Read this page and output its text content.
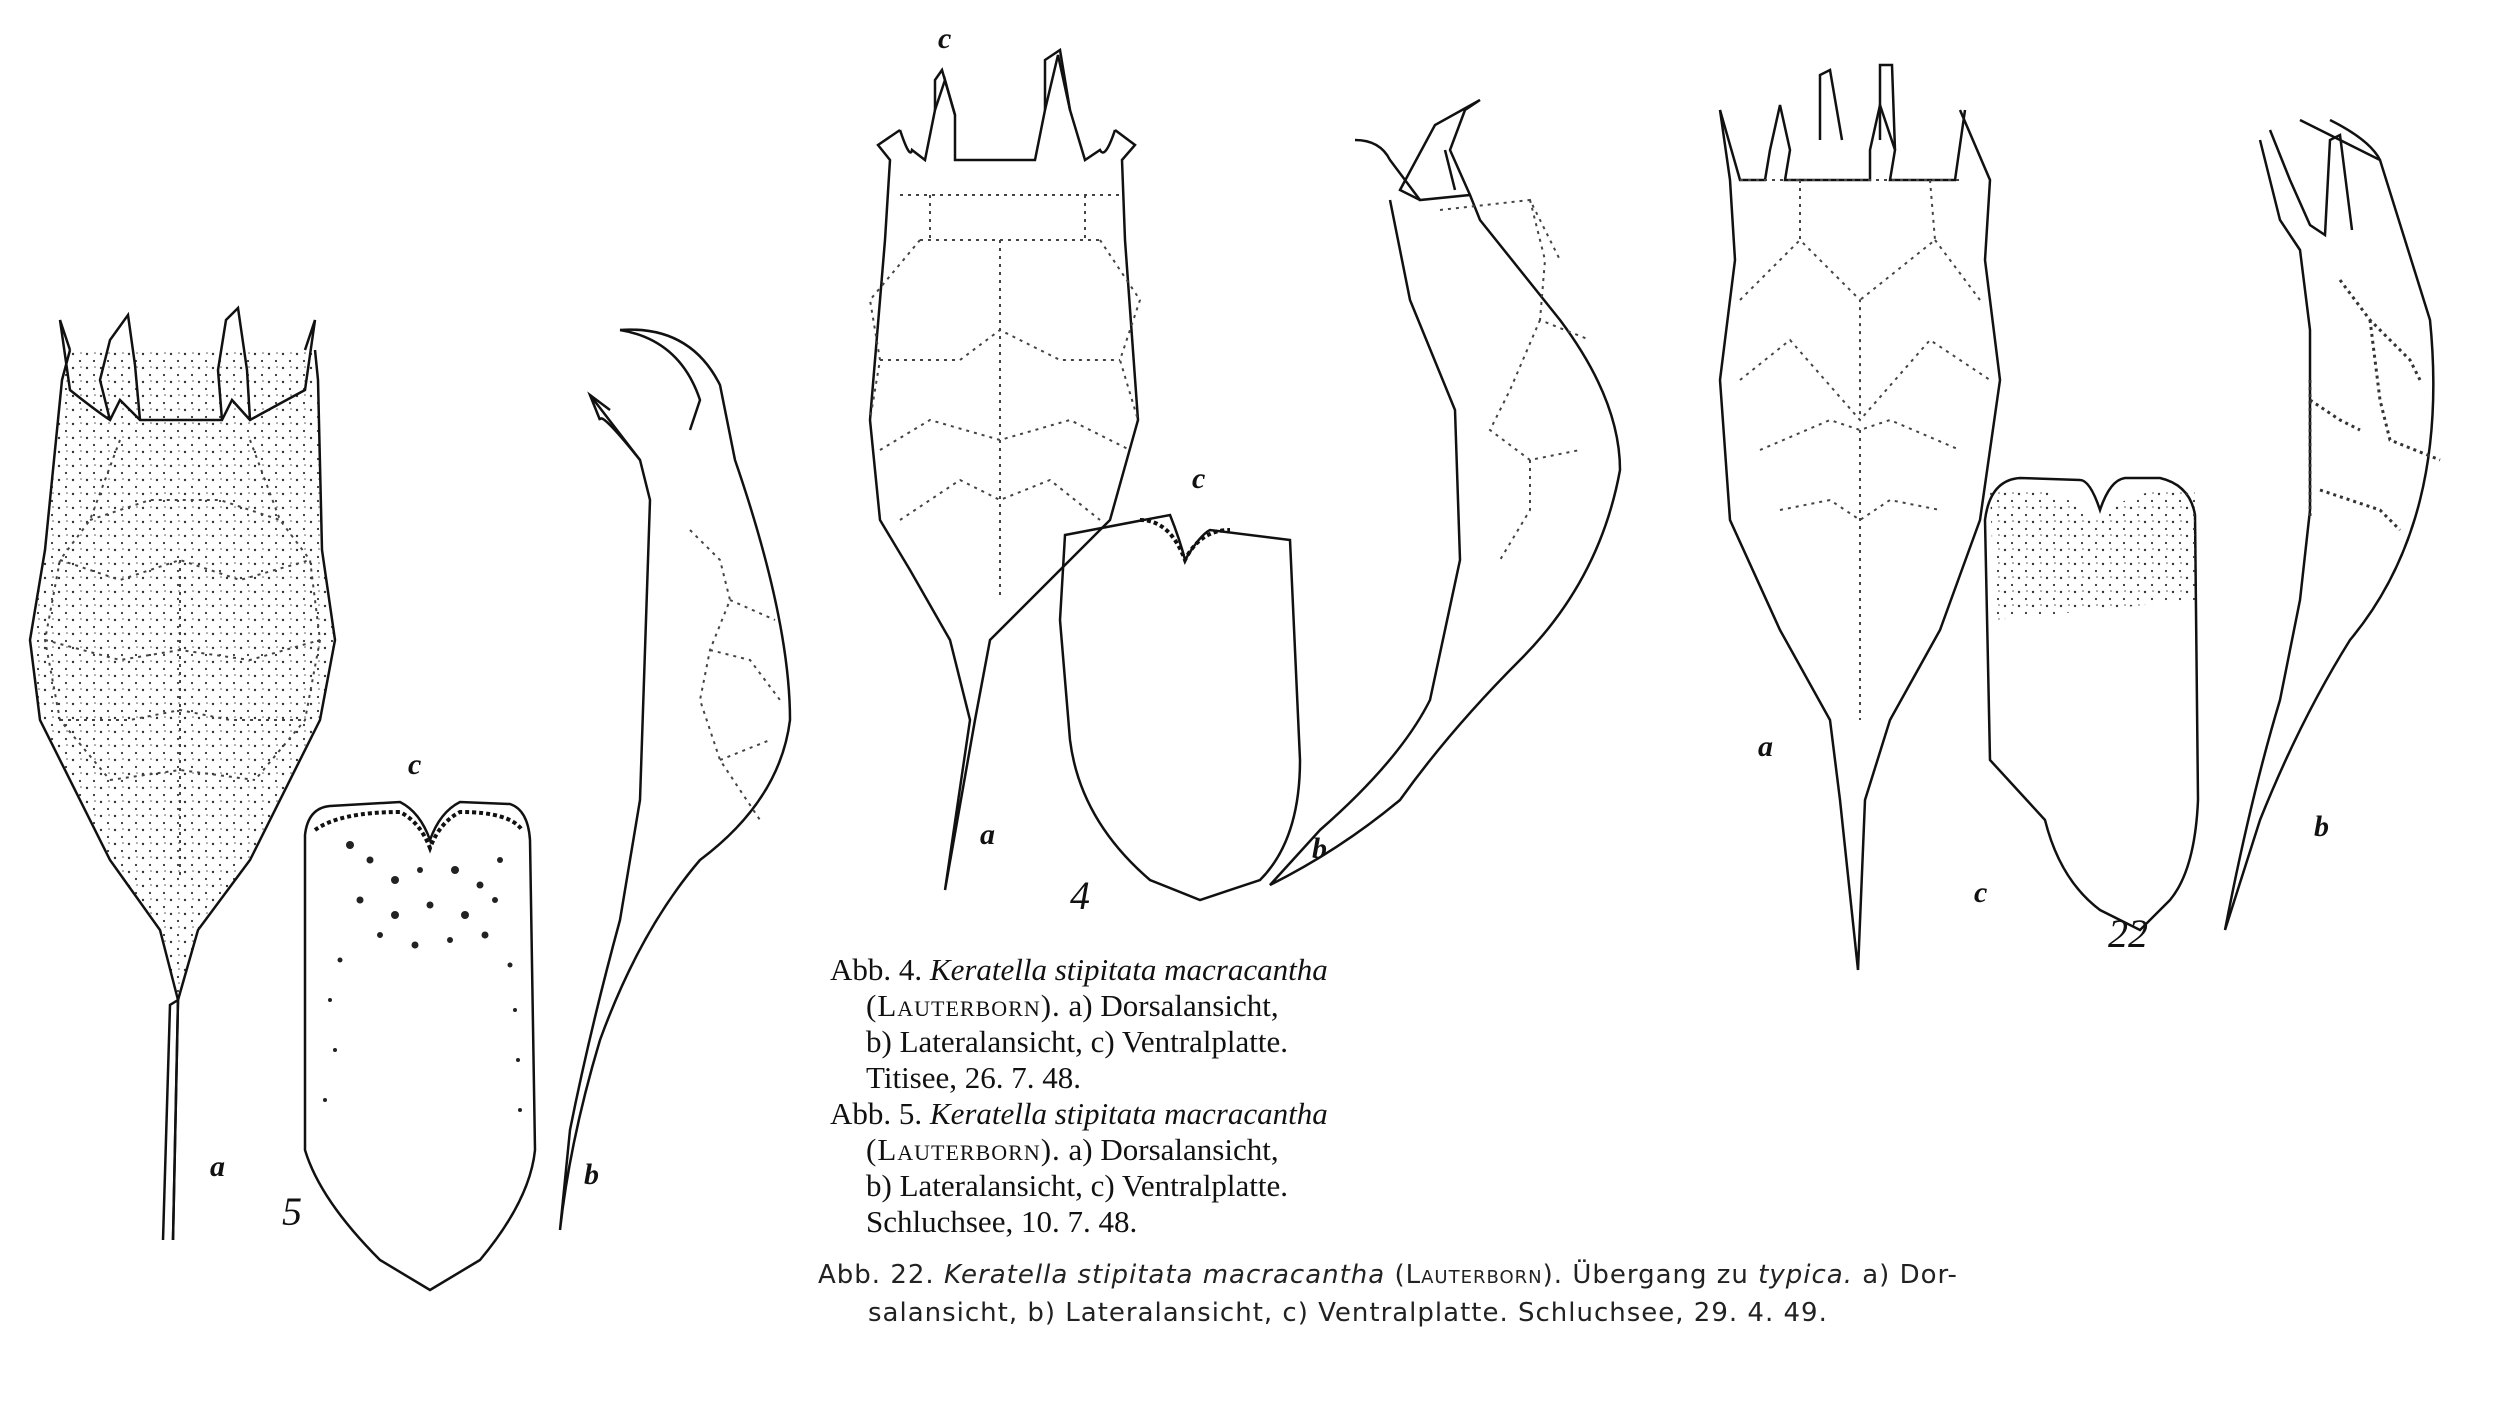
a
c
b
5
c
c
a	b
4
a
c
b
22
Abb. 4. Keratella stipitata macracantha
(Lauterborn). a) Dorsalansicht,
b) Lateralansicht, c) Ventralplatte.
Titisee, 26. 7. 48.
Abb. 5. Keratella stipitata macracantha
(Lauterborn). a) Dorsalansicht,
b) Lateralansicht, c) Ventralplatte.
Schluchsee, 10. 7. 48.
Abb. 22. Keratella stipitata macracantha (Lauterborn). Übergang zu typica. a) Dor-
salansicht, b) Lateralansicht, c) Ventralplatte. Schluchsee, 29. 4. 49.
